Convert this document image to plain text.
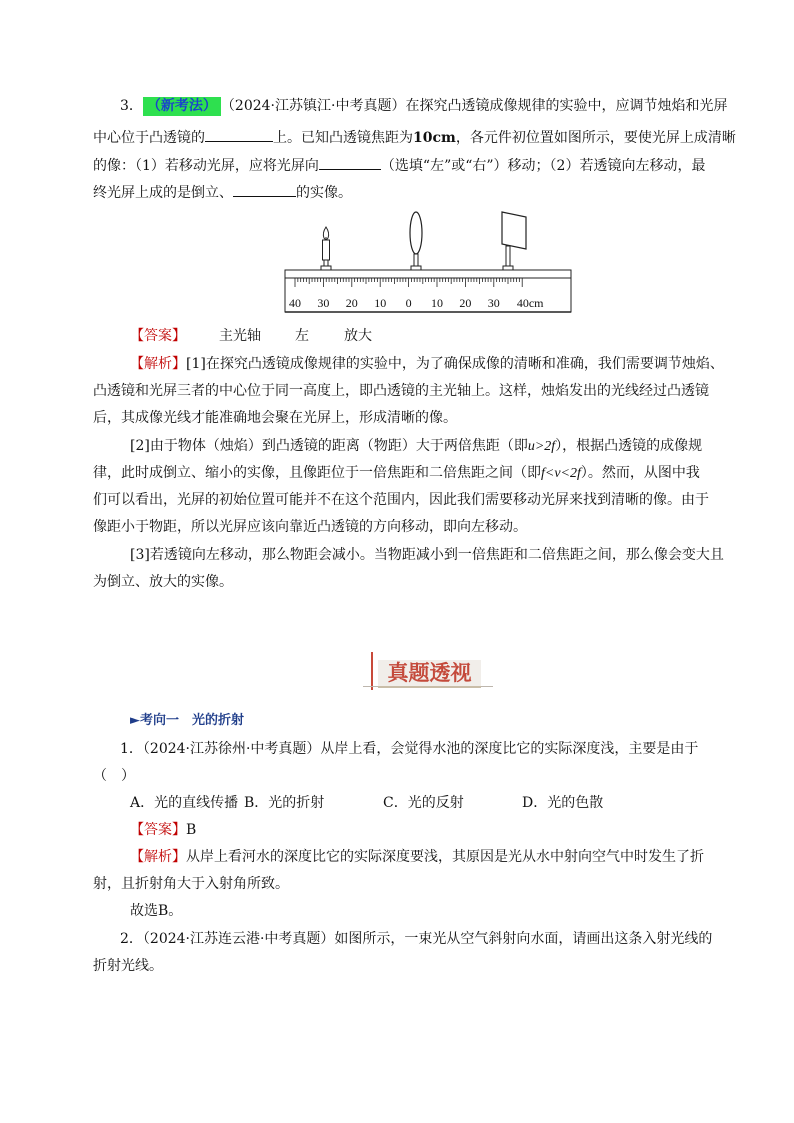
3． （新考法） （2024·江苏镇江·中考真题）在探究凸透镜成像规律的实验中，应调节烛焰和光屏
中心位于凸透镜的	上。已知凸透镜焦距为10cm，各元件初位置如图所示，要使光屏上成清晰
的像：（1）若移动光屏，应将光屏向	（选填“左”或“右”）移动；（2）若透镜向左移动，最
终光屏上成的是倒立、	的实像。
40 30 20 10 0 10 20 30 40cm
【答案】 主光轴 左	放大
【解析】[1]在探究凸透镜成像规律的实验中，为了确保成像的清晰和准确，我们需要调节烛焰、
凸透镜和光屏三者的中心位于同一高度上，即凸透镜的主光轴上。这样，烛焰发出的光线经过凸透镜
后，其成像光线才能准确地会聚在光屏上，形成清晰的像。
[2]由于物体（烛焰）到凸透镜的距离（物距）大于两倍焦距（即u>2f），根据凸透镜的成像规
律，此时成倒立、缩小的实像，且像距位于一倍焦距和二倍焦距之间（即f<v<2f）。然而，从图中我
们可以看出，光屏的初始位置可能并不在这个范围内，因此我们需要移动光屏来找到清晰的像。由于
像距小于物距，所以光屏应该向靠近凸透镜的方向移动，即向左移动。
[3]若透镜向左移动，那么物距会减小。当物距减小到一倍焦距和二倍焦距之间，那么像会变大且
为倒立、放大的实像。
真题透视
►考向一　光的折射
1．（2024·江苏徐州·中考真题）从岸上看，会觉得水池的深度比它的实际深度浅，主要是由于
（　）
A．光的直线传播 B．光的折射	C．光的反射	D．光的色散
【答案】B
【解析】从岸上看河水的深度比它的实际深度要浅，其原因是光从水中射向空气中时发生了折
射，且折射角大于入射角所致。
故选B。
2．（2024·江苏连云港·中考真题）如图所示，一束光从空气斜射向水面，请画出这条入射光线的
折射光线。
